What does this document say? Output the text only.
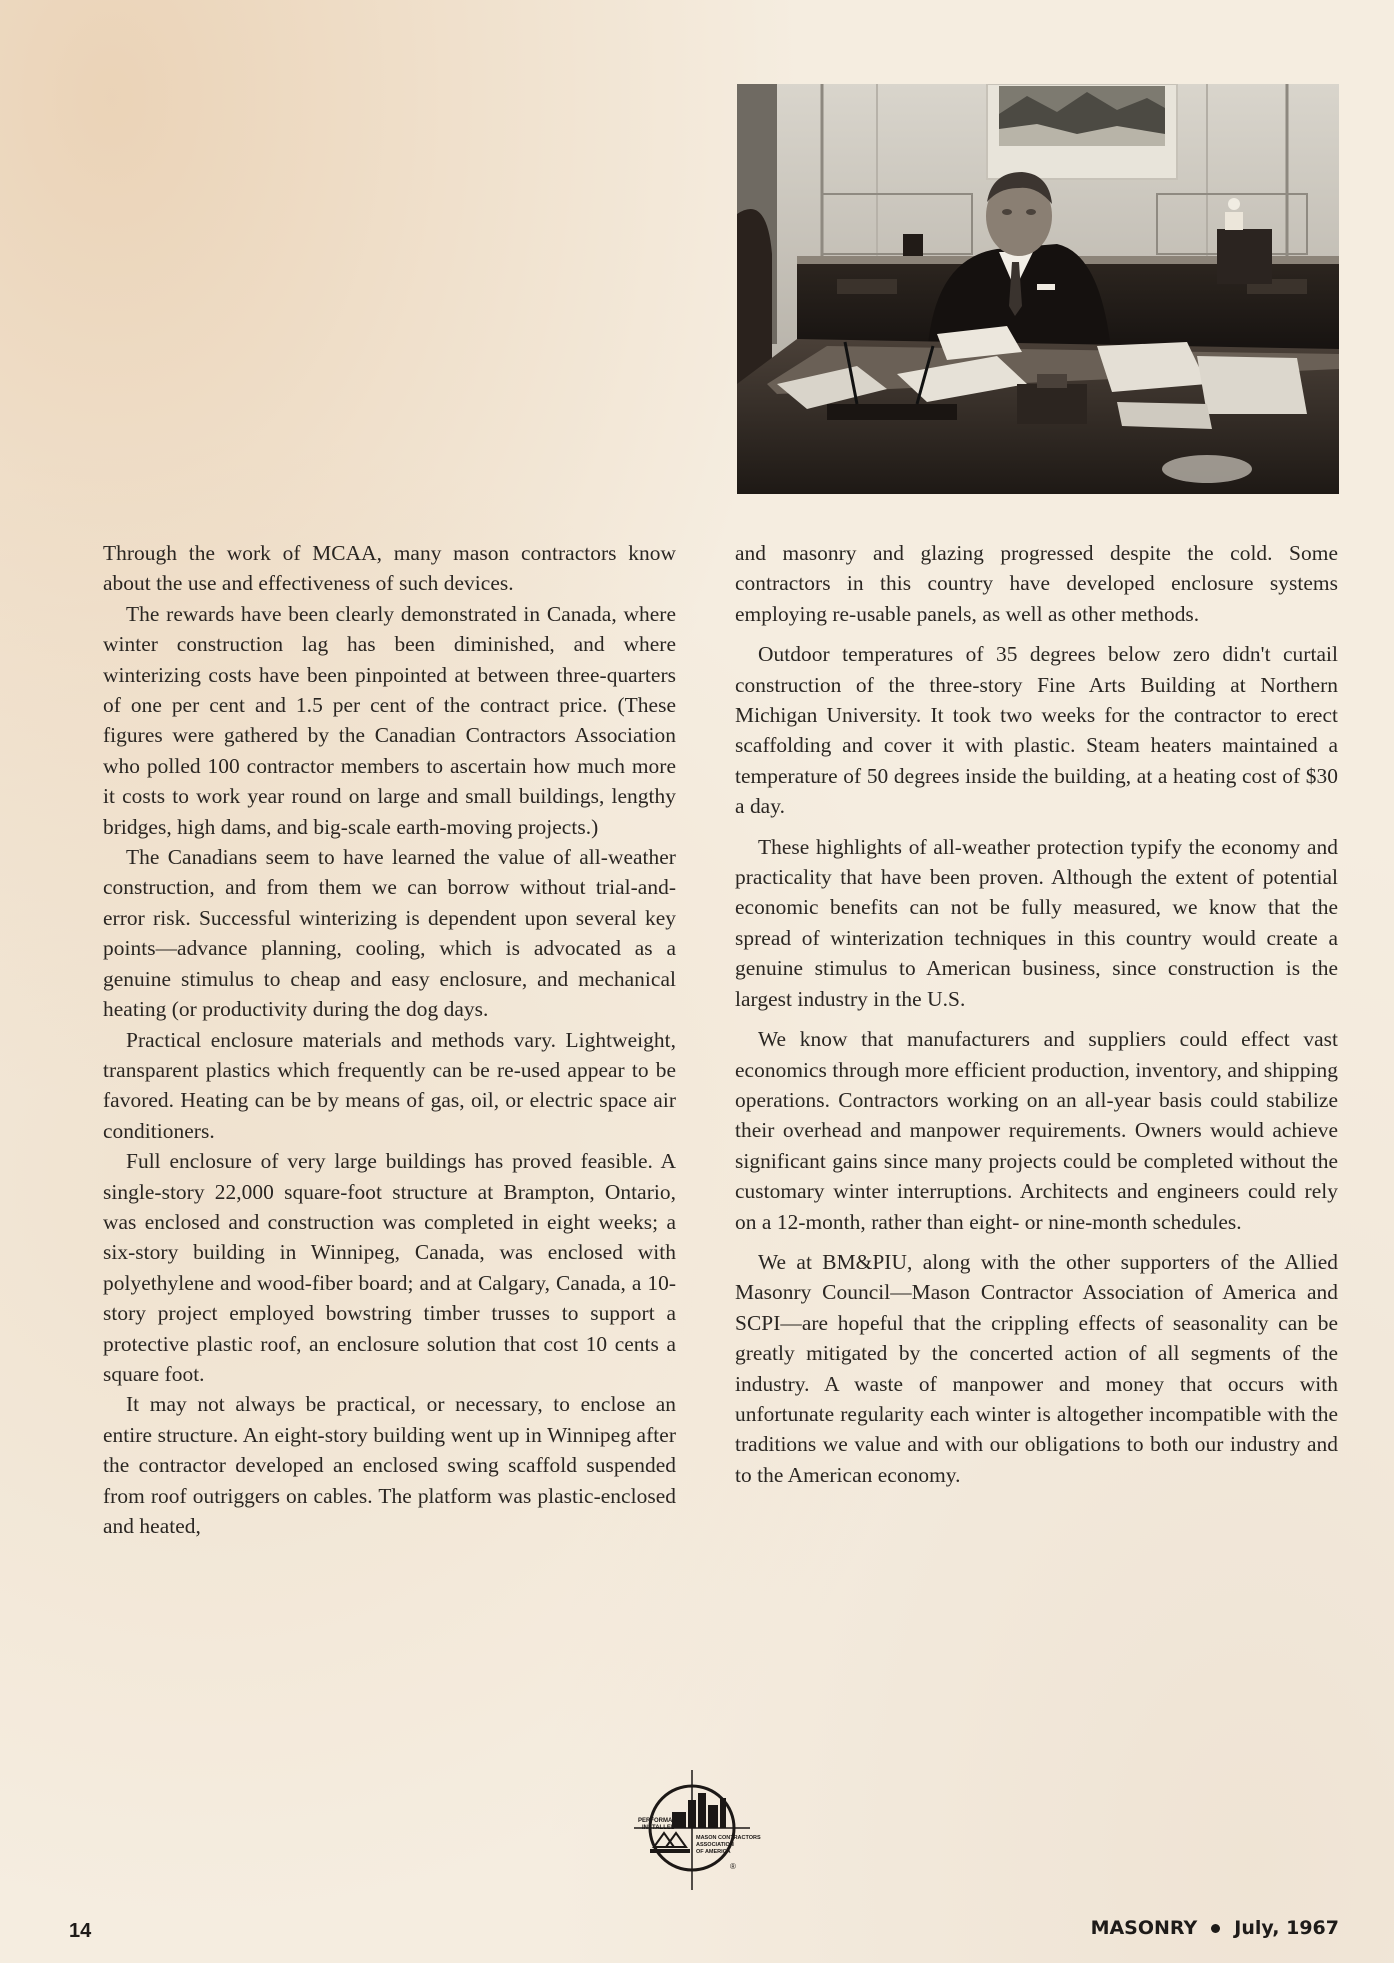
Through the work of MCAA, many mason contractors know about the use and effectiveness of such devices.

The rewards have been clearly demonstrated in Canada, where winter construction lag has been diminished, and where winterizing costs have been pinpointed at between three-quarters of one per cent and 1.5 per cent of the contract price. (These figures were gathered by the Canadian Contractors Association who polled 100 contractor members to ascertain how much more it costs to work year round on large and small buildings, lengthy bridges, high dams, and big-scale earth-moving projects.)

The Canadians seem to have learned the value of all-weather construction, and from them we can borrow without trial-and-error risk. Successful winterizing is dependent upon several key points—advance planning, cooling, which is advocated as a genuine stimulus to cheap and easy enclosure, and mechanical heating (or productivity during the dog days.

Practical enclosure materials and methods vary. Lightweight, transparent plastics which frequently can be re-used appear to be favored. Heating can be by means of gas, oil, or electric space air conditioners.

Full enclosure of very large buildings has proved feasible. A single-story 22,000 square-foot structure at Brampton, Ontario, was enclosed and construction was completed in eight weeks; a six-story building in Winnipeg, Canada, was enclosed with polyethylene and wood-fiber board; and at Calgary, Canada, a 10-story project employed bowstring timber trusses to support a protective plastic roof, an enclosure solution that cost 10 cents a square foot.

It may not always be practical, or necessary, to enclose an entire structure. An eight-story building went up in Winnipeg after the contractor developed an enclosed swing scaffold suspended from roof outriggers on cables. The platform was plastic-enclosed and heated,

and masonry and glazing progressed despite the cold. Some contractors in this country have developed enclosure systems employing re-usable panels, as well as other methods.

Outdoor temperatures of 35 degrees below zero didn't curtail construction of the three-story Fine Arts Building at Northern Michigan University. It took two weeks for the contractor to erect scaffolding and cover it with plastic. Steam heaters maintained a temperature of 50 degrees inside the building, at a heating cost of $30 a day.

These highlights of all-weather protection typify the economy and practicality that have been proven. Although the extent of potential economic benefits can not be fully measured, we know that the spread of winterization techniques in this country would create a genuine stimulus to American business, since construction is the largest industry in the U.S.

We know that manufacturers and suppliers could effect vast economics through more efficient production, inventory, and shipping operations. Contractors working on an all-year basis could stabilize their overhead and manpower requirements. Owners would achieve significant gains since many projects could be completed without the customary winter interruptions. Architects and engineers could rely on a 12-month, rather than eight- or nine-month schedules.

We at BM&PIU, along with the other supporters of the Allied Masonry Council—Mason Contractor Association of America and SCPI—are hopeful that the crippling effects of seasonality can be greatly mitigated by the concerted action of all segments of the industry. A waste of manpower and money that occurs with unfortunate regularity each winter is altogether incompatible with the traditions we value and with our obligations to both our industry and to the American economy.

PERFORMANCE
INSTALLED
MASON CONTRACTORS
ASSOCIATION
OF AMERICA
®
14	MASONRY July, 1967
